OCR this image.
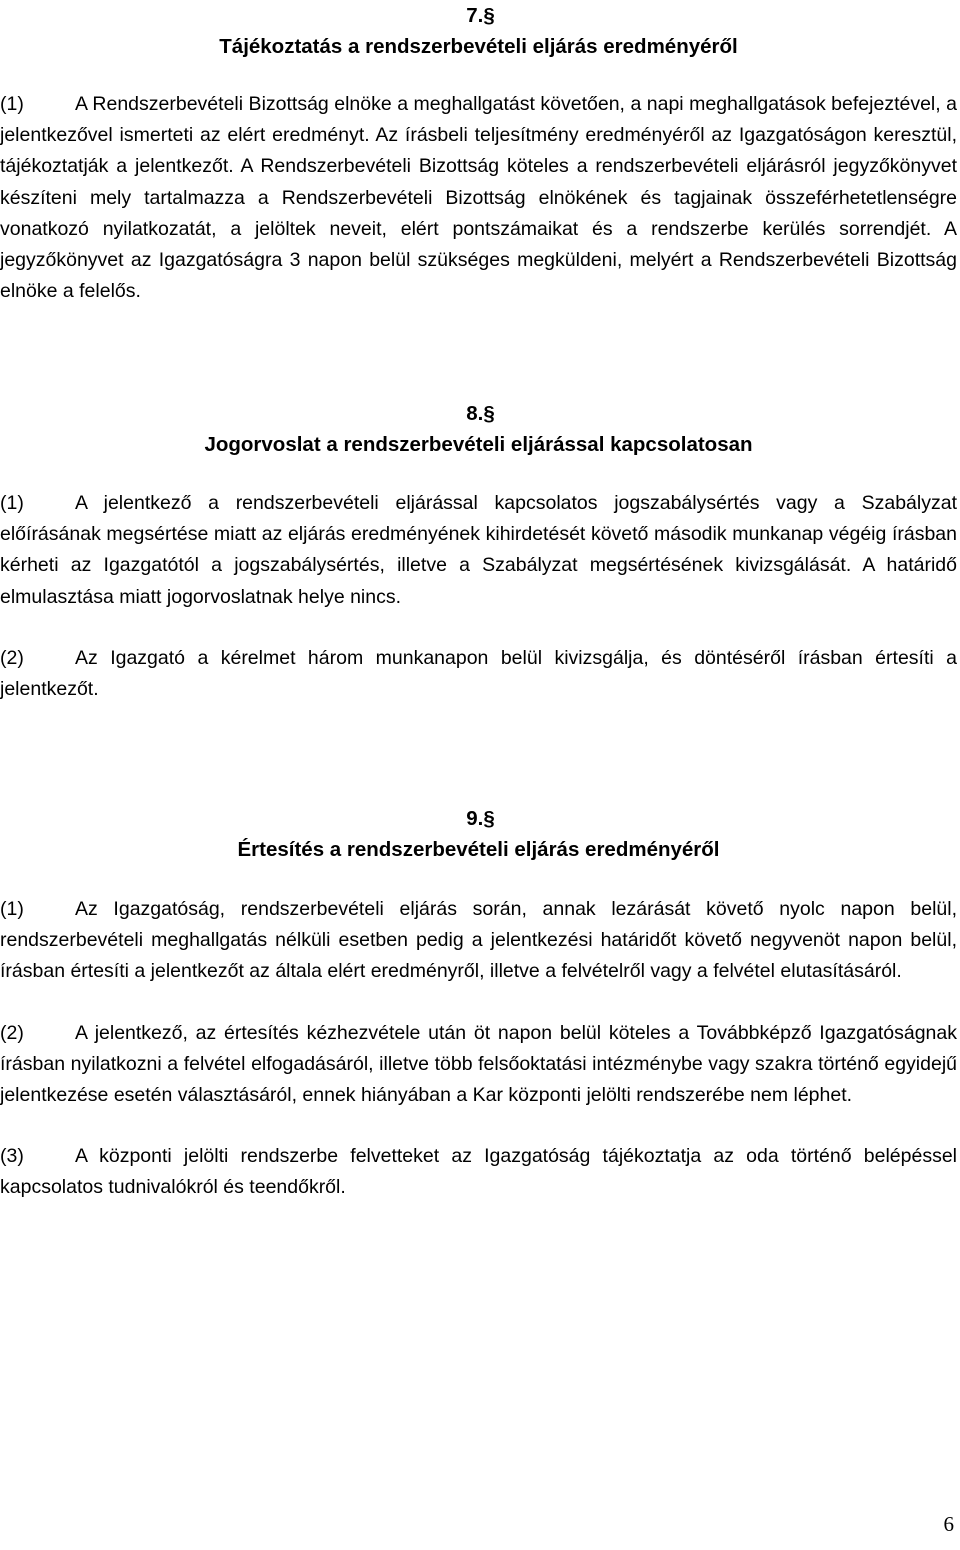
7.§

Tájékoztatás a rendszerbevételi eljárás eredményéről

(1)	A Rendszerbevételi Bizottság elnöke a meghallgatást követően, a napi meghallgatások befejeztével, a jelentkezővel ismerteti az elért eredményt. Az írásbeli teljesítmény eredményéről az Igazgatóságon keresztül, tájékoztatják a jelentkezőt. A Rendszerbevételi Bizottság köteles a rendszerbevételi eljárásról jegyzőkönyvet készíteni mely tartalmazza a Rendszerbevételi Bizottság elnökének és tagjainak összeférhetetlenségre vonatkozó nyilatkozatát, a jelöltek neveit, elért pontszámaikat és a rendszerbe kerülés sorrendjét. A jegyzőkönyvet az Igazgatóságra 3 napon belül szükséges megküldeni, melyért a Rendszerbevételi Bizottság elnöke a felelős.

8.§

Jogorvoslat a rendszerbevételi eljárással kapcsolatosan

(1)	A jelentkező a rendszerbevételi eljárással kapcsolatos jogszabálysértés vagy a Szabályzat előírásának megsértése miatt az eljárás eredményének kihirdetését követő második munkanap végéig írásban kérheti az Igazgatótól a jogszabálysértés, illetve a Szabályzat megsértésének kivizsgálását. A határidő elmulasztása miatt jogorvoslatnak helye nincs.

(2)	Az Igazgató a kérelmet három munkanapon belül kivizsgálja, és döntéséről írásban értesíti a jelentkezőt.

9.§

Értesítés a rendszerbevételi eljárás eredményéről

(1)	Az Igazgatóság, rendszerbevételi eljárás során, annak lezárását követő nyolc napon belül, rendszerbevételi meghallgatás nélküli esetben pedig a jelentkezési határidőt követő negyvenöt napon belül, írásban értesíti a jelentkezőt az általa elért eredményről, illetve a felvételről vagy a felvétel elutasításáról.

(2)	A jelentkező, az értesítés kézhezvétele után öt napon belül köteles a Továbbképző Igazgatóságnak írásban nyilatkozni a felvétel elfogadásáról, illetve több felsőoktatási intézménybe vagy szakra történő egyidejű jelentkezése esetén választásáról, ennek hiányában a Kar központi jelölti rendszerébe nem léphet.

(3)	A központi jelölti rendszerbe felvetteket az Igazgatóság tájékoztatja az oda történő belépéssel kapcsolatos tudnivalókról és teendőkről.

6
